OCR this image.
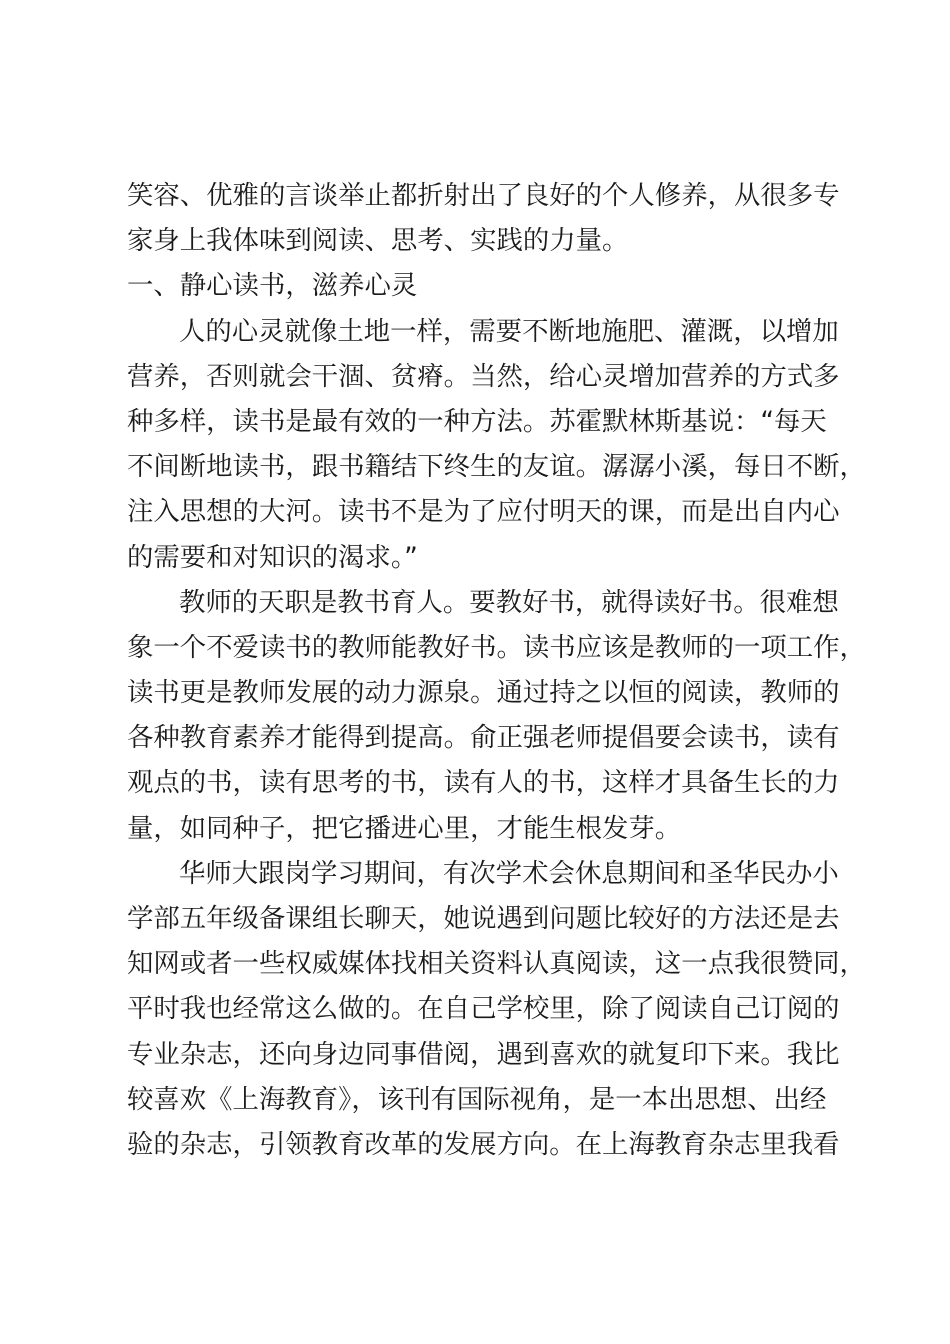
笑容、优雅的言谈举止都折射出了良好的个人修养，从很多专
家身上我体味到阅读、思考、实践的力量。

一、静心读书，滋养心灵

人的心灵就像土地一样，需要不断地施肥、灌溉，以增加
营养，否则就会干涸、贫瘠。当然，给心灵增加营养的方式多
种多样，读书是最有效的一种方法。苏霍默林斯基说：“每天
不间断地读书，跟书籍结下终生的友谊。潺潺小溪，每日不断，
注入思想的大河。读书不是为了应付明天的课，而是出自内心
的需要和对知识的渴求。”

教师的天职是教书育人。要教好书，就得读好书。很难想
象一个不爱读书的教师能教好书。读书应该是教师的一项工作，
读书更是教师发展的动力源泉。通过持之以恒的阅读，教师的
各种教育素养才能得到提高。俞正强老师提倡要会读书，读有
观点的书，读有思考的书，读有人的书，这样才具备生长的力
量，如同种子，把它播进心里，才能生根发芽。

华师大跟岗学习期间，有次学术会休息期间和圣华民办小
学部五年级备课组长聊天，她说遇到问题比较好的方法还是去
知网或者一些权威媒体找相关资料认真阅读，这一点我很赞同，
平时我也经常这么做的。在自己学校里，除了阅读自己订阅的
专业杂志，还向身边同事借阅，遇到喜欢的就复印下来。我比
较喜欢《上海教育》，该刊有国际视角，是一本出思想、出经
验的杂志，引领教育改革的发展方向。在上海教育杂志里我看
